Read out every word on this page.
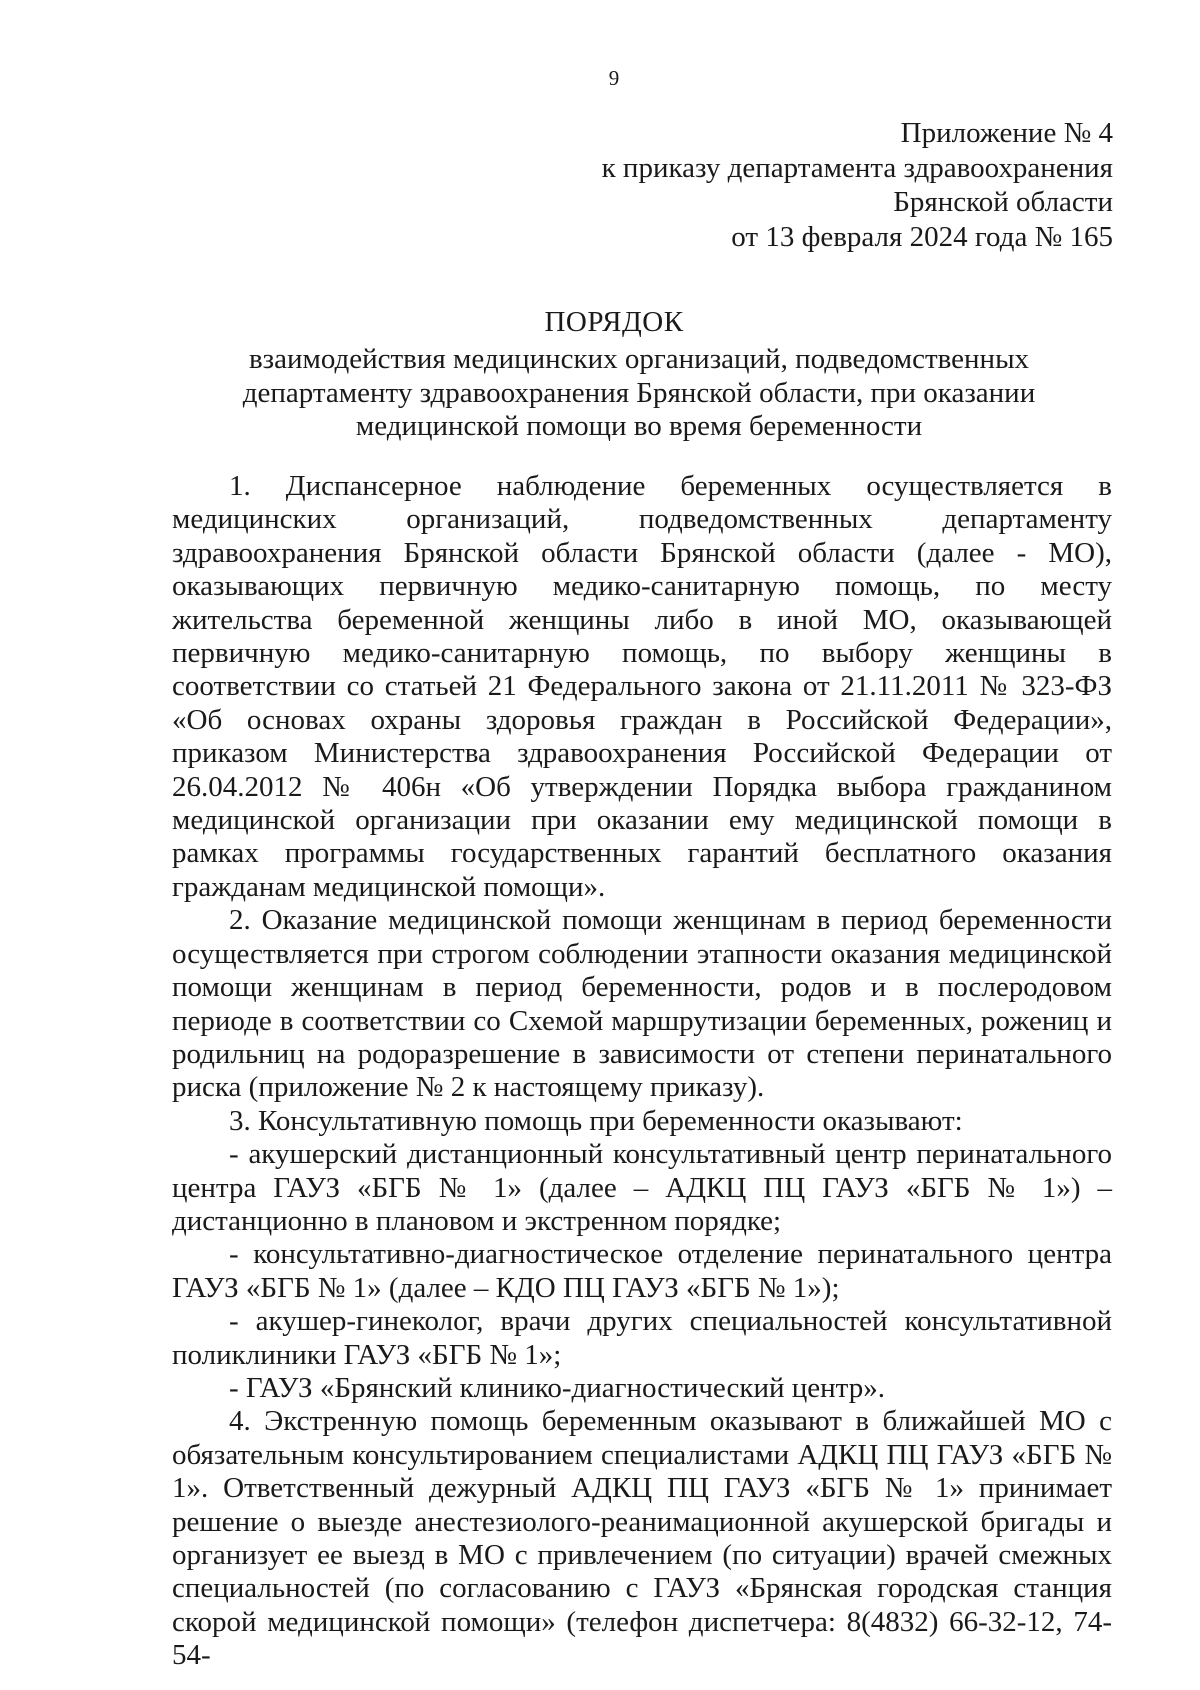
9
Приложение № 4
к приказу департамента здравоохранения
Брянской области
от 13 февраля 2024 года № 165
ПОРЯДОК
взаимодействия медицинских организаций, подведомственных департаменту здравоохранения Брянской области, при оказании медицинской помощи во время беременности

1. Диспансерное наблюдение беременных осуществляется в медицинских организаций, подведомственных департаменту здравоохранения Брянской области Брянской области (далее - МО), оказывающих первичную медико-санитарную помощь, по месту жительства беременной женщины либо в иной МО, оказывающей первичную медико-санитарную помощь, по выбору женщины в соответствии со статьей 21 Федерального закона от 21.11.2011 № 323-ФЗ «Об основах охраны здоровья граждан в Российской Федерации», приказом Министерства здравоохранения Российской Федерации от 26.04.2012 № 406н «Об утверждении Порядка выбора гражданином медицинской организации при оказании ему медицинской помощи в рамках программы государственных гарантий бесплатного оказания гражданам медицинской помощи».

2. Оказание медицинской помощи женщинам в период беременности осуществляется при строгом соблюдении этапности оказания медицинской помощи женщинам в период беременности, родов и в послеродовом периоде в соответствии со Схемой маршрутизации беременных, рожениц и родильниц на родоразрешение в зависимости от степени перинатального риска (приложение № 2 к настоящему приказу).

3. Консультативную помощь при беременности оказывают:

- акушерский дистанционный консультативный центр перинатального центра ГАУЗ «БГБ № 1» (далее – АДКЦ ПЦ ГАУЗ «БГБ № 1») – дистанционно в плановом и экстренном порядке;

- консультативно-диагностическое отделение перинатального центра ГАУЗ «БГБ № 1» (далее – КДО ПЦ ГАУЗ «БГБ № 1»);

- акушер-гинеколог, врачи других специальностей консультативной поликлиники ГАУЗ «БГБ № 1»;

- ГАУЗ «Брянский клинико-диагностический центр».

4. Экстренную помощь беременным оказывают в ближайшей МО с обязательным консультированием специалистами АДКЦ ПЦ ГАУЗ «БГБ № 1». Ответственный дежурный АДКЦ ПЦ ГАУЗ «БГБ № 1» принимает решение о выезде анестезиолого-реанимационной акушерской бригады и организует ее выезд в МО с привлечением (по ситуации) врачей смежных специальностей (по согласованию с ГАУЗ «Брянская городская станция скорой медицинской помощи» (телефон диспетчера: 8(4832) 66-32-12, 74-54-
